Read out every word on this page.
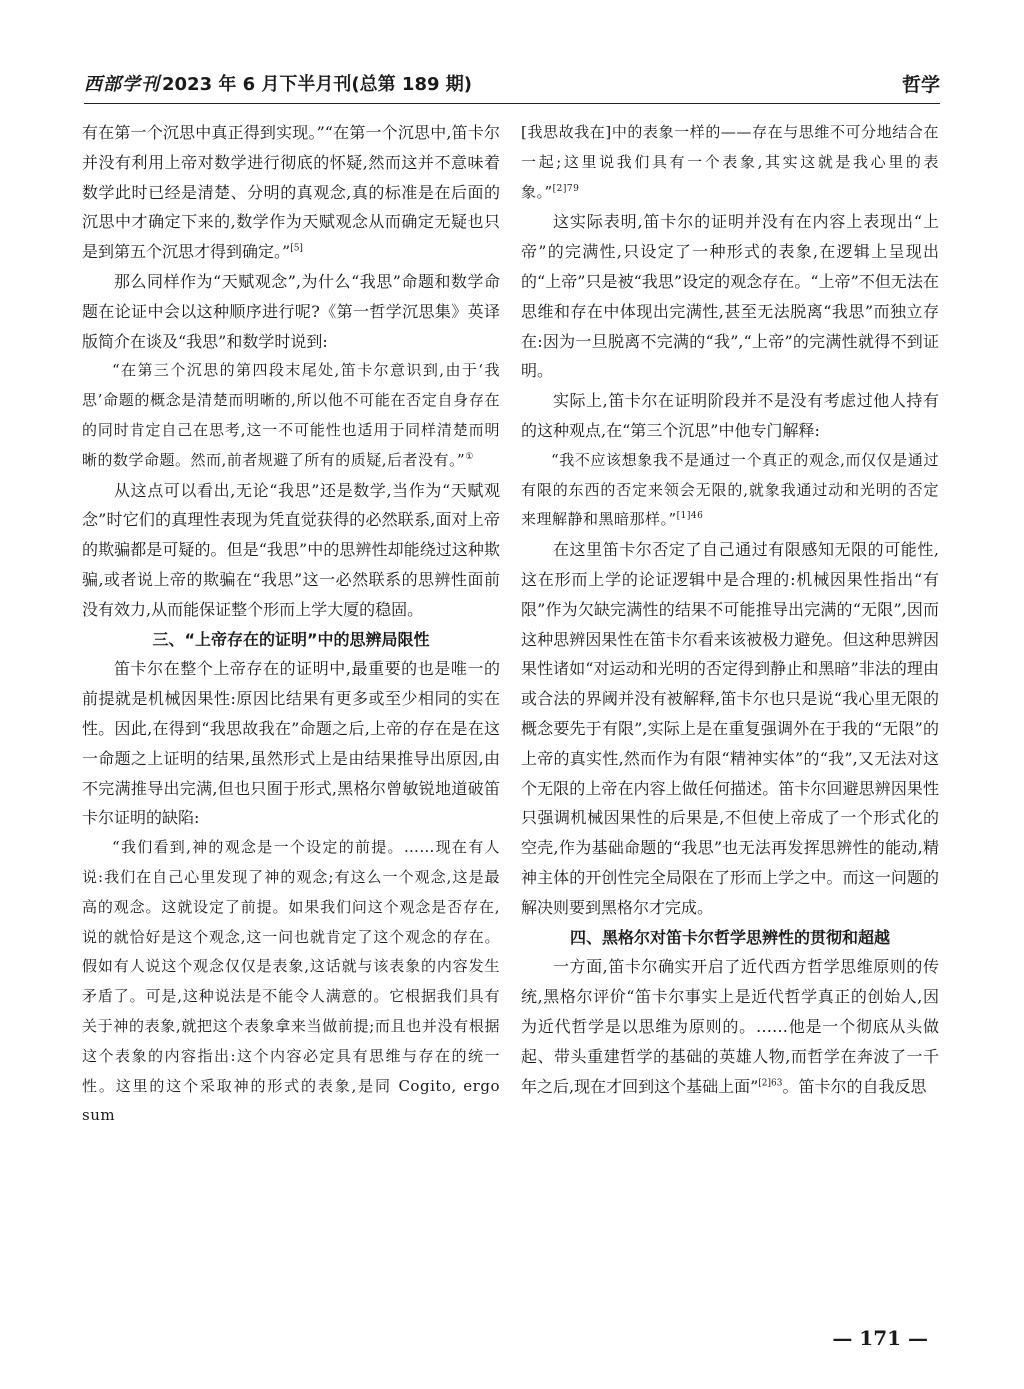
西部学刊 2023 年 6 月下半月刊(总第 189 期)	哲学

有在第一个沉思中真正得到实现。”“在第一个沉思中,笛卡尔并没有利用上帝对数学进行彻底的怀疑,然而这并不意味着数学此时已经是清楚、分明的真观念,真的标准是在后面的沉思中才确定下来的,数学作为天赋观念从而确定无疑也只是到第五个沉思才得到确定。”[5]

那么同样作为“天赋观念”,为什么“我思”命题和数学命题在论证中会以这种顺序进行呢?《第一哲学沉思集》英译版简介在谈及“我思”和数学时说到:

“在第三个沉思的第四段末尾处,笛卡尔意识到,由于‘我思’命题的概念是清楚而明晰的,所以他不可能在否定自身存在的同时肯定自己在思考,这一不可能性也适用于同样清楚而明晰的数学命题。然而,前者规避了所有的质疑,后者没有。”①

从这点可以看出,无论“我思”还是数学,当作为“天赋观念”时它们的真理性表现为凭直觉获得的必然联系,面对上帝的欺骗都是可疑的。但是“我思”中的思辨性却能绕过这种欺骗,或者说上帝的欺骗在“我思”这一必然联系的思辨性面前没有效力,从而能保证整个形而上学大厦的稳固。

三、“上帝存在的证明”中的思辨局限性

笛卡尔在整个上帝存在的证明中,最重要的也是唯一的前提就是机械因果性:原因比结果有更多或至少相同的实在性。因此,在得到“我思故我在”命题之后,上帝的存在是在这一命题之上证明的结果,虽然形式上是由结果推导出原因,由不完满推导出完满,但也只囿于形式,黑格尔曾敏锐地道破笛卡尔证明的缺陷:

“我们看到,神的观念是一个设定的前提。……现在有人说:我们在自己心里发现了神的观念;有这么一个观念,这是最高的观念。这就设定了前提。如果我们问这个观念是否存在,说的就恰好是这个观念,这一问也就肯定了这个观念的存在。假如有人说这个观念仅仅是表象,这话就与该表象的内容发生矛盾了。可是,这种说法是不能令人满意的。它根据我们具有关于神的表象,就把这个表象拿来当做前提;而且也并没有根据这个表象的内容指出:这个内容必定具有思维与存在的统一性。这里的这个采取神的形式的表象,是同 Cogito, ergo sum

[我思故我在]中的表象一样的——存在与思维不可分地结合在一起;这里说我们具有一个表象,其实这就是我心里的表象。”$^{[2]79}$

这实际表明,笛卡尔的证明并没有在内容上表现出“上帝”的完满性,只设定了一种形式的表象,在逻辑上呈现出的“上帝”只是被“我思”设定的观念存在。“上帝”不但无法在思维和存在中体现出完满性,甚至无法脱离“我思”而独立存在:因为一旦脱离不完满的“我”,“上帝”的完满性就得不到证明。

实际上,笛卡尔在证明阶段并不是没有考虑过他人持有的这种观点,在“第三个沉思”中他专门解释:

“我不应该想象我不是通过一个真正的观念,而仅仅是通过有限的东西的否定来领会无限的,就象我通过动和光明的否定来理解静和黑暗那样。”$^{[1]46}$

在这里笛卡尔否定了自己通过有限感知无限的可能性,这在形而上学的论证逻辑中是合理的:机械因果性指出“有限”作为欠缺完满性的结果不可能推导出完满的“无限”,因而这种思辨因果性在笛卡尔看来该被极力避免。但这种思辨因果性诸如“对运动和光明的否定得到静止和黑暗”非法的理由或合法的界阈并没有被解释,笛卡尔也只是说“我心里无限的概念要先于有限”,实际上是在重复强调外在于我的“无限”的上帝的真实性,然而作为有限“精神实体”的“我”,又无法对这个无限的上帝在内容上做任何描述。笛卡尔回避思辨因果性只强调机械因果性的后果是,不但使上帝成了一个形式化的空壳,作为基础命题的“我思”也无法再发挥思辨性的能动,精神主体的开创性完全局限在了形而上学之中。而这一问题的解决则要到黑格尔才完成。

四、黑格尔对笛卡尔哲学思辨性的贯彻和超越

一方面,笛卡尔确实开启了近代西方哲学思维原则的传统,黑格尔评价“笛卡尔事实上是近代哲学真正的创始人,因为近代哲学是以思维为原则的。……他是一个彻底从头做起、带头重建哲学的基础的英雄人物,而哲学在奔波了一千年之后,现在才回到这个基础上面”$^{[2]63}$。笛卡尔的自我反思

— 171 —
